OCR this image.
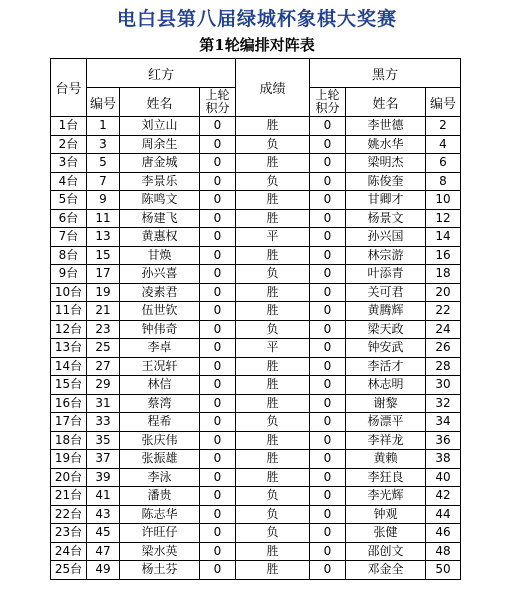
电白县第八届绿城杯象棋大奖赛
第1轮编排对阵表
台号	红方			成绩	黑方		
	编号	姓名	上轮积分		上轮积分	姓名	编号
1台	1	刘立山	0	胜	0	李世德	2
2台	3	周余生	0	负	0	姚水华	4
3台	5	唐金城	0	胜	0	梁明杰	6
4台	7	李景乐	0	负	0	陈俊奎	8
5台	9	陈鸣文	0	胜	0	甘卿才	10
6台	11	杨建飞	0	胜	0	杨景文	12
7台	13	黄惠权	0	平	0	孙兴国	14
8台	15	甘焕	0	胜	0	林宗游	16
9台	17	孙兴喜	0	负	0	叶添青	18
10台	19	凌素君	0	胜	0	关可君	20
11台	21	伍世钦	0	胜	0	黄腾辉	22
12台	23	钟伟奇	0	负	0	梁天政	24
13台	25	李卓	0	平	0	钟安武	26
14台	27	王况轩	0	胜	0	李活才	28
15台	29	林信	0	胜	0	林志明	30
16台	31	蔡湾	0	胜	0	谢黎	32
17台	33	程希	0	负	0	杨漂平	34
18台	35	张庆伟	0	胜	0	李祥龙	36
19台	37	张振雄	0	胜	0	黄赖	38
20台	39	李泳	0	胜	0	李狂良	40
21台	41	潘贵	0	负	0	李光辉	42
22台	43	陈志华	0	负	0	钟观	44
23台	45	许旺仔	0	负	0	张健	46
24台	47	梁水英	0	胜	0	邵创文	48
25台	49	杨土芬	0	胜	0	邓金全	50
